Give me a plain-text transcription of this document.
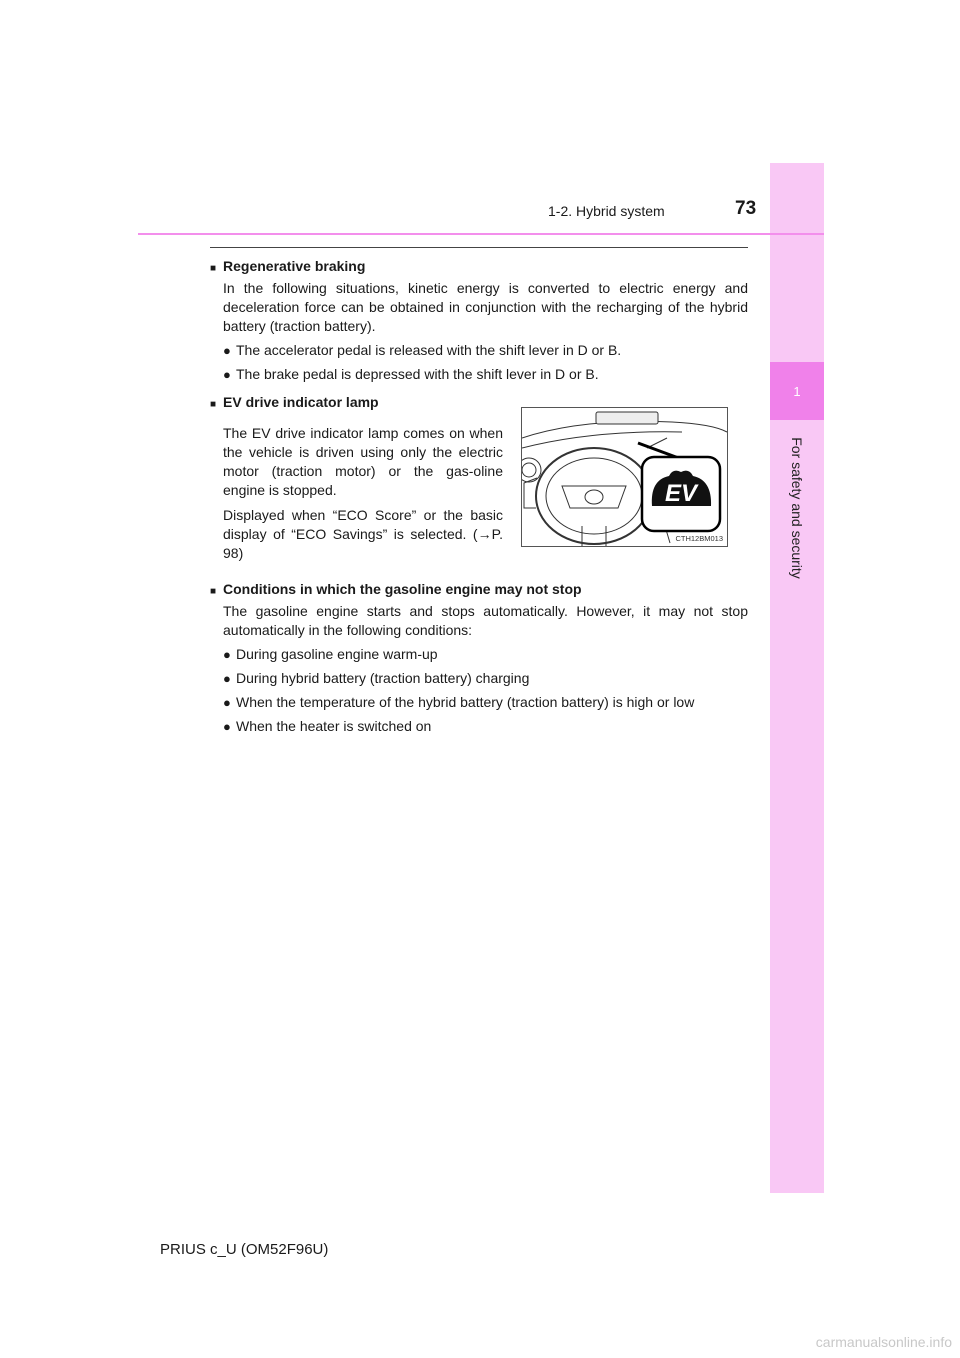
1
For safety and security
1-2. Hybrid system	73
■
Regenerative braking
In the following situations, kinetic energy is converted to electric energy and deceleration force can be obtained in conjunction with the recharging of the hybrid battery (traction battery).
● The accelerator pedal is released with the shift lever in D or B.
● The brake pedal is depressed with the shift lever in D or B.
■
EV drive indicator lamp
The EV drive indicator lamp comes on when the vehicle is driven using only the electric motor (traction motor) or the gas-oline engine is stopped.
Displayed when “ECO Score” or the basic display of “ECO Savings” is selected. (→P. 98)
■
Conditions in which the gasoline engine may not stop
The gasoline engine starts and stops automatically. However, it may not stop automatically in the following conditions:
● During gasoline engine warm-up
● During hybrid battery (traction battery) charging
● When the temperature of the hybrid battery (traction battery) is high or low
● When the heater is switched on
EV
CTH12BM013
PRIUS c_U (OM52F96U)
carmanualsonline.info
